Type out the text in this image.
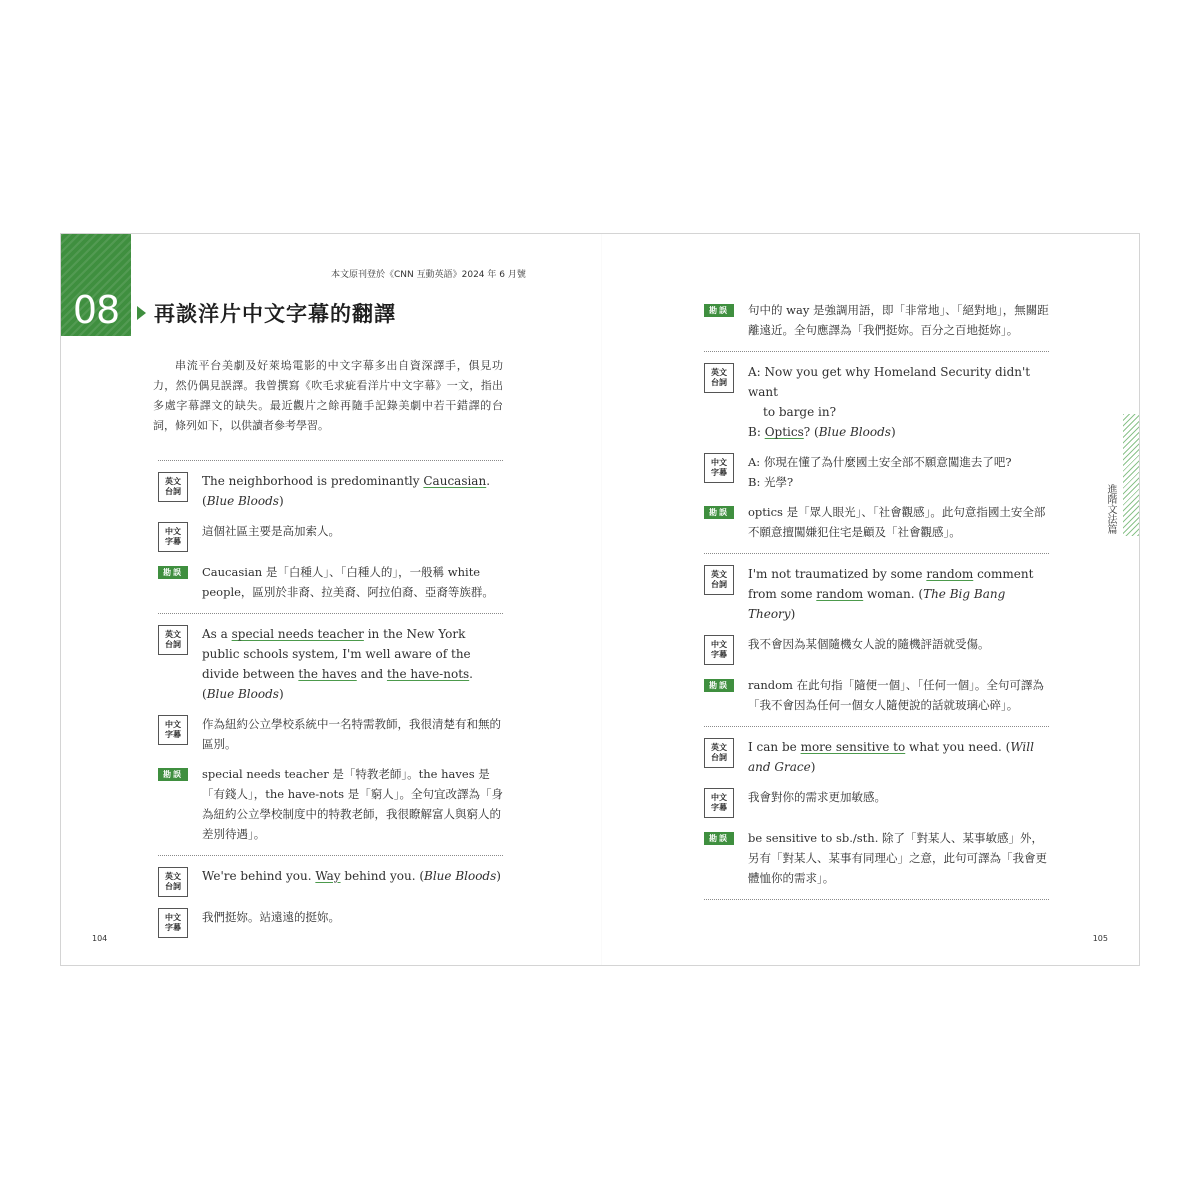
08	再談洋片中文字幕的翻譯
本文原刊登於《CNN 互動英語》2024 年 6 月號
串流平台美劇及好萊塢電影的中文字幕多出自資深譯手，俱見功力，然仍偶見誤譯。我曾撰寫《吹毛求疵看洋片中文字幕》一文，指出多處字幕譯文的缺失。最近觀片之餘再隨手記錄美劇中若干錯譯的台詞，條列如下，以供讀者參考學習。
英文
台詞
The neighborhood is predominantly Caucasian. (Blue Bloods)
中文
字幕
這個社區主要是高加索人。
勘誤	Caucasian 是「白種人」、「白種人的」，一般稱 white people，區別於非裔、拉美裔、阿拉伯裔、亞裔等族群。
英文
台詞
As a special needs teacher in the New York public schools system, I'm well aware of the divide between the haves and the have-nots. (Blue Bloods)
中文
字幕
作為紐約公立學校系統中一名特需教師，我很清楚有和無的區別。
勘誤	special needs teacher 是「特教老師」。the haves 是「有錢人」，the have-nots 是「窮人」。全句宜改譯為「身為紐約公立學校制度中的特教老師，我很瞭解富人與窮人的差別待遇」。
英文
台詞
We're behind you. Way behind you. (Blue Bloods)
中文
字幕
我們挺妳。站遠遠的挺妳。
勘誤	句中的 way 是強調用語，即「非常地」、「絕對地」，無關距離遠近。全句應譯為「我們挺妳。百分之百地挺妳」。
英文
台詞
A: Now you get why Homeland Security didn't want
to barge in?
B: Optics? (Blue Bloods)
中文
字幕
A: 你現在懂了為什麼國土安全部不願意闖進去了吧?
B: 光學?
勘誤	optics 是「眾人眼光」、「社會觀感」。此句意指國土安全部不願意擅闖嫌犯住宅是顧及「社會觀感」。
英文
台詞
I'm not traumatized by some random comment from some random woman. (The Big Bang Theory)
中文
字幕
我不會因為某個隨機女人說的隨機評語就受傷。
勘誤	random 在此句指「隨便一個」、「任何一個」。全句可譯為「我不會因為任何一個女人隨便說的話就玻璃心碎」。
英文
台詞
I can be more sensitive to what you need. (Will and Grace)
中文
字幕
我會對你的需求更加敏感。
勘誤	be sensitive to sb./sth. 除了「對某人、某事敏感」外，另有「對某人、某事有同理心」之意，此句可譯為「我會更體恤你的需求」。
進階文法篇
104	105
